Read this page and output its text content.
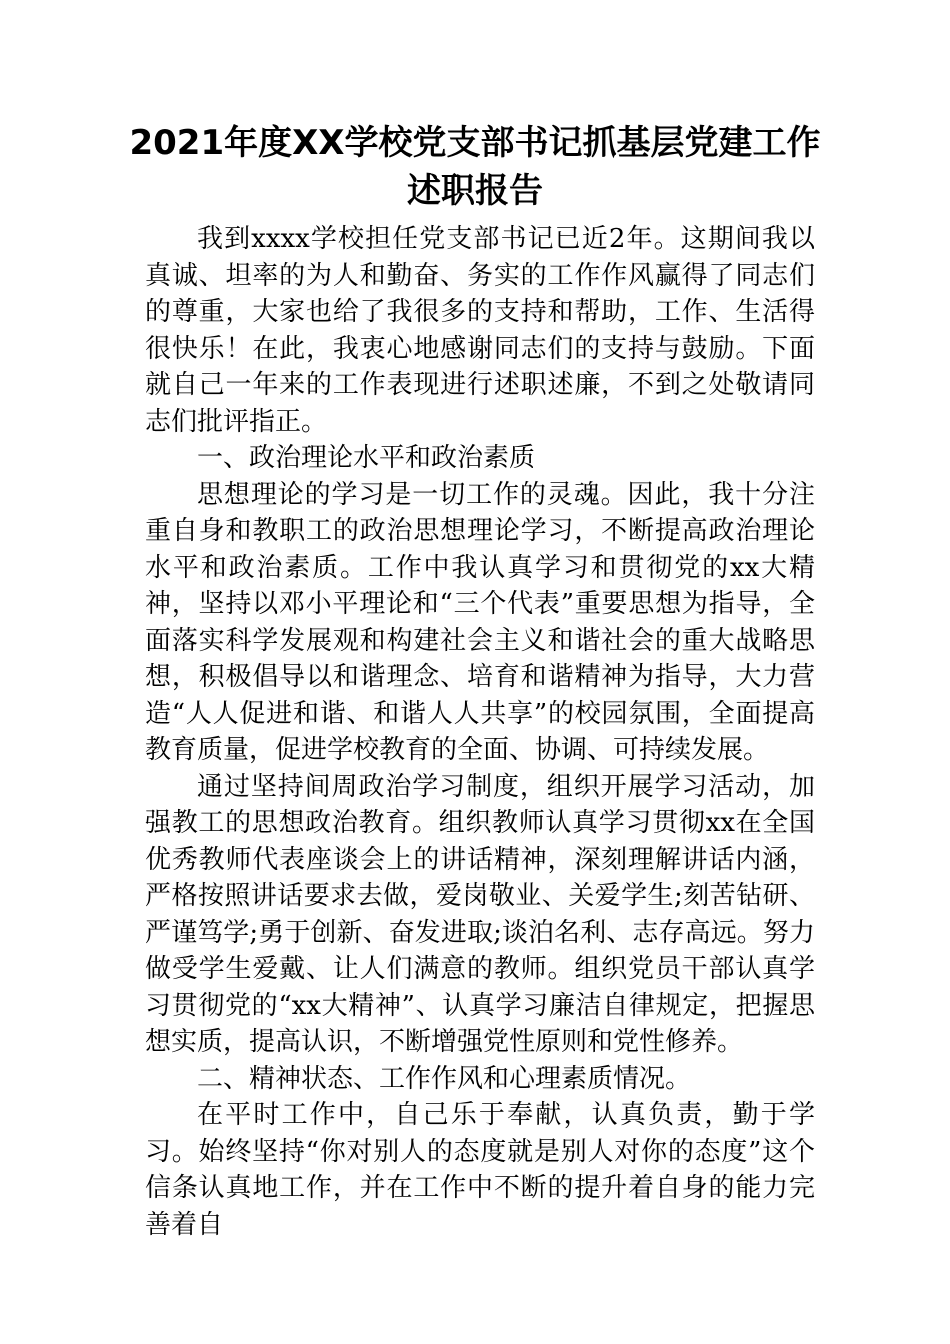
2021年度XX学校党支部书记抓基层党建工作
述职报告

我到xxxx学校担任党支部书记已近2年。这期间我以真诚、坦率的为人和勤奋、务实的工作作风赢得了同志们的尊重，大家也给了我很多的支持和帮助，工作、生活得很快乐！在此，我衷心地感谢同志们的支持与鼓励。下面就自己一年来的工作表现进行述职述廉，不到之处敬请同志们批评指正。

一、政治理论水平和政治素质

思想理论的学习是一切工作的灵魂。因此，我十分注重自身和教职工的政治思想理论学习，不断提高政治理论水平和政治素质。工作中我认真学习和贯彻党的xx大精神，坚持以邓小平理论和“三个代表”重要思想为指导，全面落实科学发展观和构建社会主义和谐社会的重大战略思想，积极倡导以和谐理念、培育和谐精神为指导，大力营造“人人促进和谐、和谐人人共享”的校园氛围，全面提高教育质量，促进学校教育的全面、协调、可持续发展。

通过坚持间周政治学习制度，组织开展学习活动，加强教工的思想政治教育。组织教师认真学习贯彻xx在全国优秀教师代表座谈会上的讲话精神，深刻理解讲话内涵，严格按照讲话要求去做，爱岗敬业、关爱学生;刻苦钻研、严谨笃学;勇于创新、奋发进取;谈泊名利、志存高远。努力做受学生爱戴、让人们满意的教师。组织党员干部认真学习贯彻党的“xx大精神”、认真学习廉洁自律规定，把握思想实质，提高认识，不断增强党性原则和党性修养。

二、精神状态、工作作风和心理素质情况。

在平时工作中，自己乐于奉献，认真负责，勤于学习。始终坚持“你对别人的态度就是别人对你的态度”这个信条认真地工作，并在工作中不断的提升着自身的能力完善着自
